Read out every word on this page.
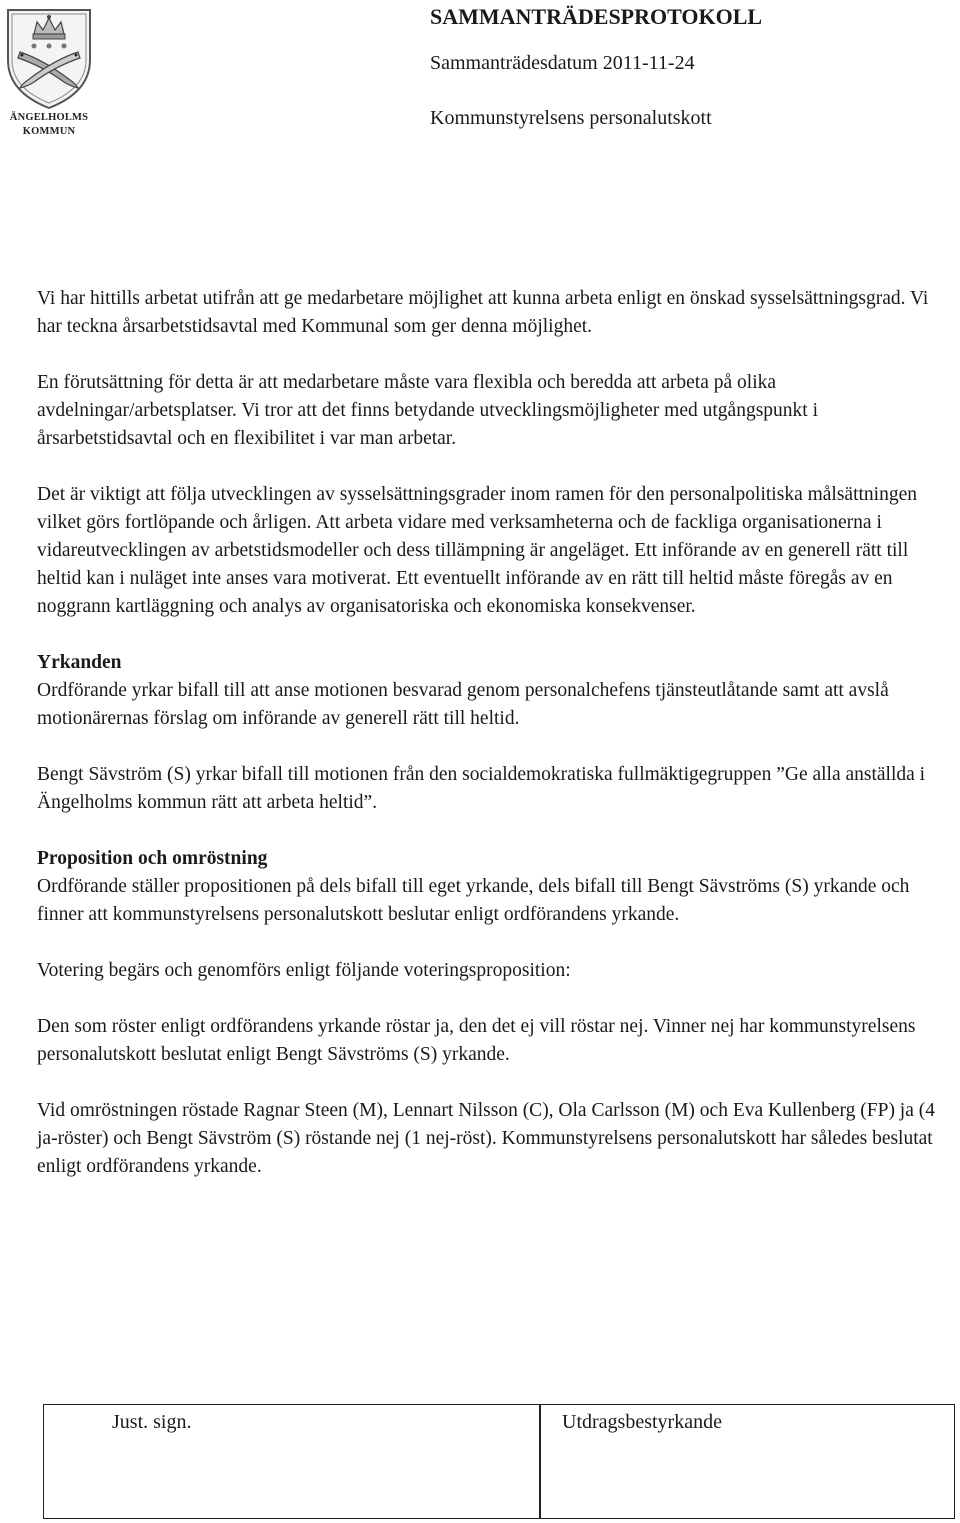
ÄNGELHOLMS
KOMMUN
SAMMANTRÄDESPROTOKOLL
Sammanträdesdatum 2011-11-24
Kommunstyrelsens personalutskott

Vi har hittills arbetat utifrån att ge medarbetare möjlighet att kunna arbeta enligt en önskad sysselsättningsgrad. Vi har teckna årsarbetstidsavtal med Kommunal som ger denna möjlighet.

En förutsättning för detta är att medarbetare måste vara flexibla och beredda att arbeta på olika avdelningar/arbetsplatser. Vi tror att det finns betydande utvecklingsmöjligheter med utgångspunkt i årsarbetstidsavtal och en flexibilitet i var man arbetar.

Det är viktigt att följa utvecklingen av sysselsättningsgrader inom ramen för den personalpolitiska målsättningen vilket görs fortlöpande och årligen. Att arbeta vidare med verksamheterna och de fackliga organisationerna i vidareutvecklingen av arbetstidsmodeller och dess tillämpning är angeläget. Ett införande av en generell rätt till heltid kan i nuläget inte anses vara motiverat. Ett eventuellt införande av en rätt till heltid måste föregås av en noggrann kartläggning och analys av organisatoriska och ekonomiska konsekvenser.

Yrkanden

Ordförande yrkar bifall till att anse motionen besvarad genom personalchefens tjänsteutlåtande samt att avslå motionärernas förslag om införande av generell rätt till heltid.

Bengt Sävström (S) yrkar bifall till motionen från den socialdemokratiska fullmäktigegruppen ”Ge alla anställda i Ängelholms kommun rätt att arbeta heltid”.

Proposition och omröstning

Ordförande ställer propositionen på dels bifall till eget yrkande, dels bifall till Bengt Sävströms (S) yrkande och finner att kommunstyrelsens personalutskott beslutar enligt ordförandens yrkande.

Votering begärs och genomförs enligt följande voteringsproposition:

Den som röster enligt ordförandens yrkande röstar ja, den det ej vill röstar nej. Vinner nej har kommunstyrelsens personalutskott beslutat enligt Bengt Sävströms (S) yrkande.

Vid omröstningen röstade Ragnar Steen (M), Lennart Nilsson (C), Ola Carlsson (M) och Eva Kullenberg (FP) ja (4 ja-röster) och Bengt Sävström (S) röstande nej (1 nej-röst). Kommunstyrelsens personalutskott har således beslutat enligt ordförandens yrkande.

Just. sign.	Utdragsbestyrkande
